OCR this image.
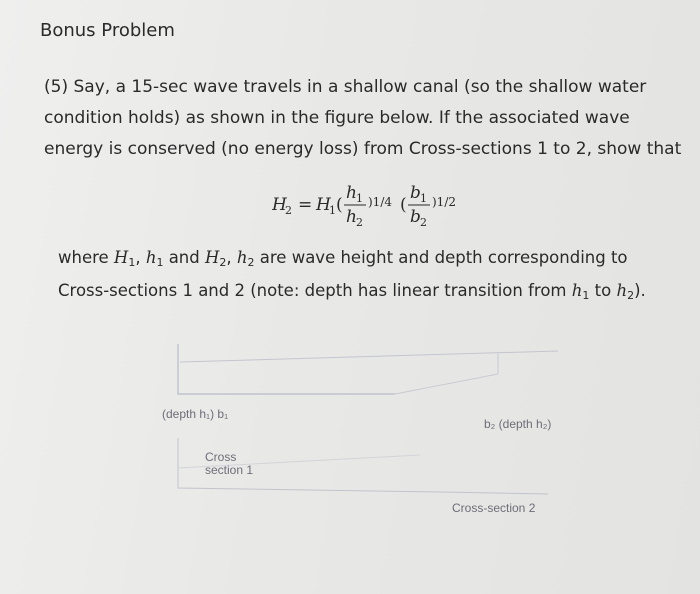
Bonus Problem
(5) Say, a 15-sec wave travels in a shallow canal (so the shallow water condition holds) as shown in the figure below. If the associated wave energy is conserved (no energy loss) from Cross-sections 1 to 2, show that
H
2 = H
1 (
h 1
h 2
)1/4 (
b 1
b 2
)1/2
where $H_1$, $h_1$ and $H_2$, $h_2$ are wave height and depth corresponding to
Cross-sections 1 and 2 (note: depth has linear transition from $h_1$ to $h_2$).
(depth h₁) b₁
b₂ (depth h₂)
Cross
section 1
Cross-section 2
